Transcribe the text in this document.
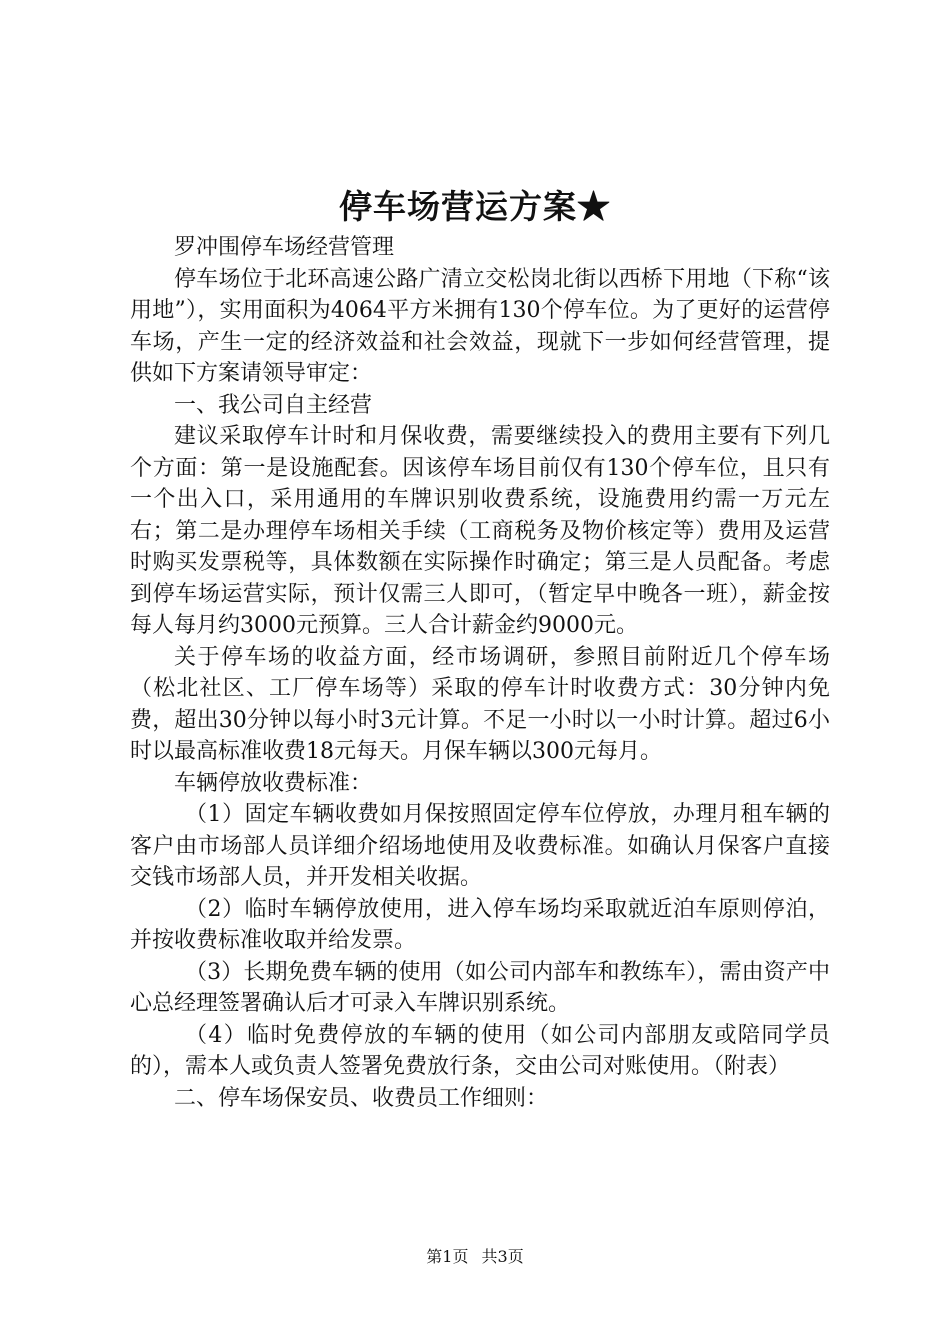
停车场营运方案★

罗冲围停车场经营管理

停车场位于北环高速公路广清立交松岗北街以西桥下用地（下称“该用地”），实用面积为4064平方米拥有130个停车位。为了更好的运营停车场，产生一定的经济效益和社会效益，现就下一步如何经营管理，提供如下方案请领导审定：

一、我公司自主经营

建议采取停车计时和月保收费，需要继续投入的费用主要有下列几个方面：第一是设施配套。因该停车场目前仅有130个停车位，且只有一个出入口，采用通用的车牌识别收费系统，设施费用约需一万元左右；第二是办理停车场相关手续（工商税务及物价核定等）费用及运营时购买发票税等，具体数额在实际操作时确定；第三是人员配备。考虑到停车场运营实际，预计仅需三人即可，（暂定早中晚各一班），薪金按每人每月约3000元预算。三人合计薪金约9000元。

关于停车场的收益方面，经市场调研，参照目前附近几个停车场（松北社区、工厂停车场等）采取的停车计时收费方式：30分钟内免费，超出30分钟以每小时3元计算。不足一小时以一小时计算。超过6小时以最高标准收费18元每天。月保车辆以300元每月。

车辆停放收费标准：

（1）固定车辆收费如月保按照固定停车位停放，办理月租车辆的客户由市场部人员详细介绍场地使用及收费标准。如确认月保客户直接交钱市场部人员，并开发相关收据。

（2）临时车辆停放使用，进入停车场均采取就近泊车原则停泊，并按收费标准收取并给发票。

（3）长期免费车辆的使用（如公司内部车和教练车），需由资产中心总经理签署确认后才可录入车牌识别系统。

（4）临时免费停放的车辆的使用（如公司内部朋友或陪同学员的），需本人或负责人签署免费放行条，交由公司对账使用。（附表）

二、停车场保安员、收费员工作细则：

第1页 共3页
